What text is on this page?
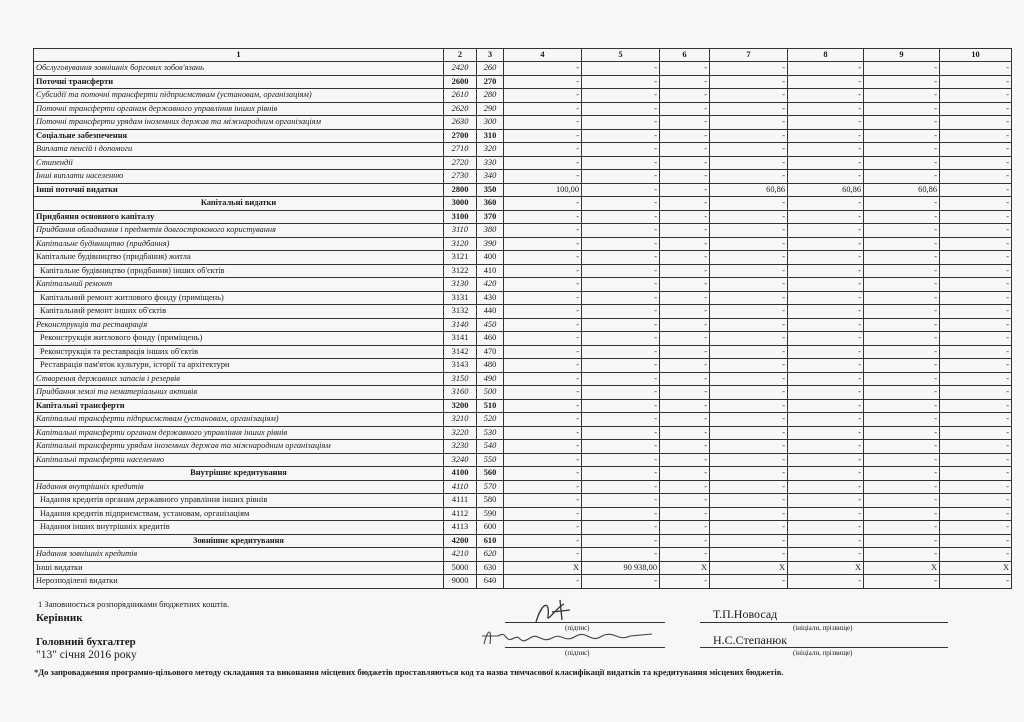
1	2	3	4	5	6	7	8	9	10
Обслуговування зовнішніх боргових зобов'язань	2420	260	-	-	-	-	-	-	-
Поточні трансферти	2600	270	-	-	-	-	-	-	-
Субсидії та поточні трансферти підприємствам (установам, організаціям)	2610	280	-	-	-	-	-	-	-
Поточні трансферти органам державного управління інших рівнів	2620	290	-	-	-	-	-	-	-
Поточні трансферти урядам іноземних держав та міжнародним організаціям	2630	300	-	-	-	-	-	-	-
Соціальне забезпечення	2700	310	-	-	-	-	-	-	-
Виплата пенсій і допомоги	2710	320	-	-	-	-	-	-	-
Стипендії	2720	330	-	-	-	-	-	-	-
Інші виплати населенню	2730	340	-	-	-	-	-	-	-
Інші поточні видатки	2800	350	100,00	-	-	60,86	60,86	60,86	-
Капітальні видатки	3000	360	-	-	-	-	-	-	-
Придбання основного капіталу	3100	370	-	-	-	-	-	-	-
Придбання обладнання і предметів довгострокового користування	3110	380	-	-	-	-	-	-	-
Капітальне будівництво (придбання)	3120	390	-	-	-	-	-	-	-
Капітальне будівництво (придбання) житла	3121	400	-	-	-	-	-	-	-
Капітальне будівництво (придбання) інших об'єктів	3122	410	-	-	-	-	-	-	-
Капітальний ремонт	3130	420	-	-	-	-	-	-	-
Капітальний ремонт житлового фонду (приміщень)	3131	430	-	-	-	-	-	-	-
Капітальний ремонт інших об'єктів	3132	440	-	-	-	-	-	-	-
Реконструкція та реставрація	3140	450	-	-	-	-	-	-	-
Реконструкція житлового фонду (приміщень)	3141	460	-	-	-	-	-	-	-
Реконструкція та реставрація інших об'єктів	3142	470	-	-	-	-	-	-	-
Реставрація пам'яток культури, історії та архітектури	3143	480	-	-	-	-	-	-	-
Створення державних запасів і резервів	3150	490	-	-	-	-	-	-	-
Придбання землі та нематеріальних активів	3160	500	-	-	-	-	-	-	-
Капітальні трансферти	3200	510	-	-	-	-	-	-	-
Капітальні трансферти підприємствам (установам, організаціям)	3210	520	-	-	-	-	-	-	-
Капітальні трансферти органам державного управління інших рівнів	3220	530	-	-	-	-	-	-	-
Капітальні трансферти урядам іноземних держав та міжнародним організаціям	3230	540	-	-	-	-	-	-	-
Капітальні трансферти населенню	3240	550	-	-	-	-	-	-	-
Внутрішнє кредитування	4100	560	-	-	-	-	-	-	-
Надання внутрішніх кредитів	4110	570	-	-	-	-	-	-	-
Надання кредитів органам державного управління інших рівнів	4111	580	-	-	-	-	-	-	-
Надання кредитів підприємствам, установам, організаціям	4112	590	-	-	-	-	-	-	-
Надання інших внутрішніх кредитів	4113	600	-	-	-	-	-	-	-
Зовнішнє кредитування	4200	610	-	-	-	-	-	-	-
Надання зовнішніх кредитів	4210	620	-	-	-	-	-	-	-
Інші видатки	5000	630	X	90 938,00	X	X	X	X	X
Нерозподілені видатки	9000	640	-	-	-	-	-	-	-
1 Заповнюється розпорядниками бюджетних коштів.
Керівник
Головний бухгалтер
"13" січня 2016 року
(підпис)
(підпис)
Т.П.Новосад
(ініціали, прізвище)
Н.С.Степанюк
(ініціали, прізвище)
*До запровадження програмно-цільового методу складання та виконання місцевих бюджетів проставляються код та назва тимчасової класифікації видатків та кредитування місцевих бюджетів.
